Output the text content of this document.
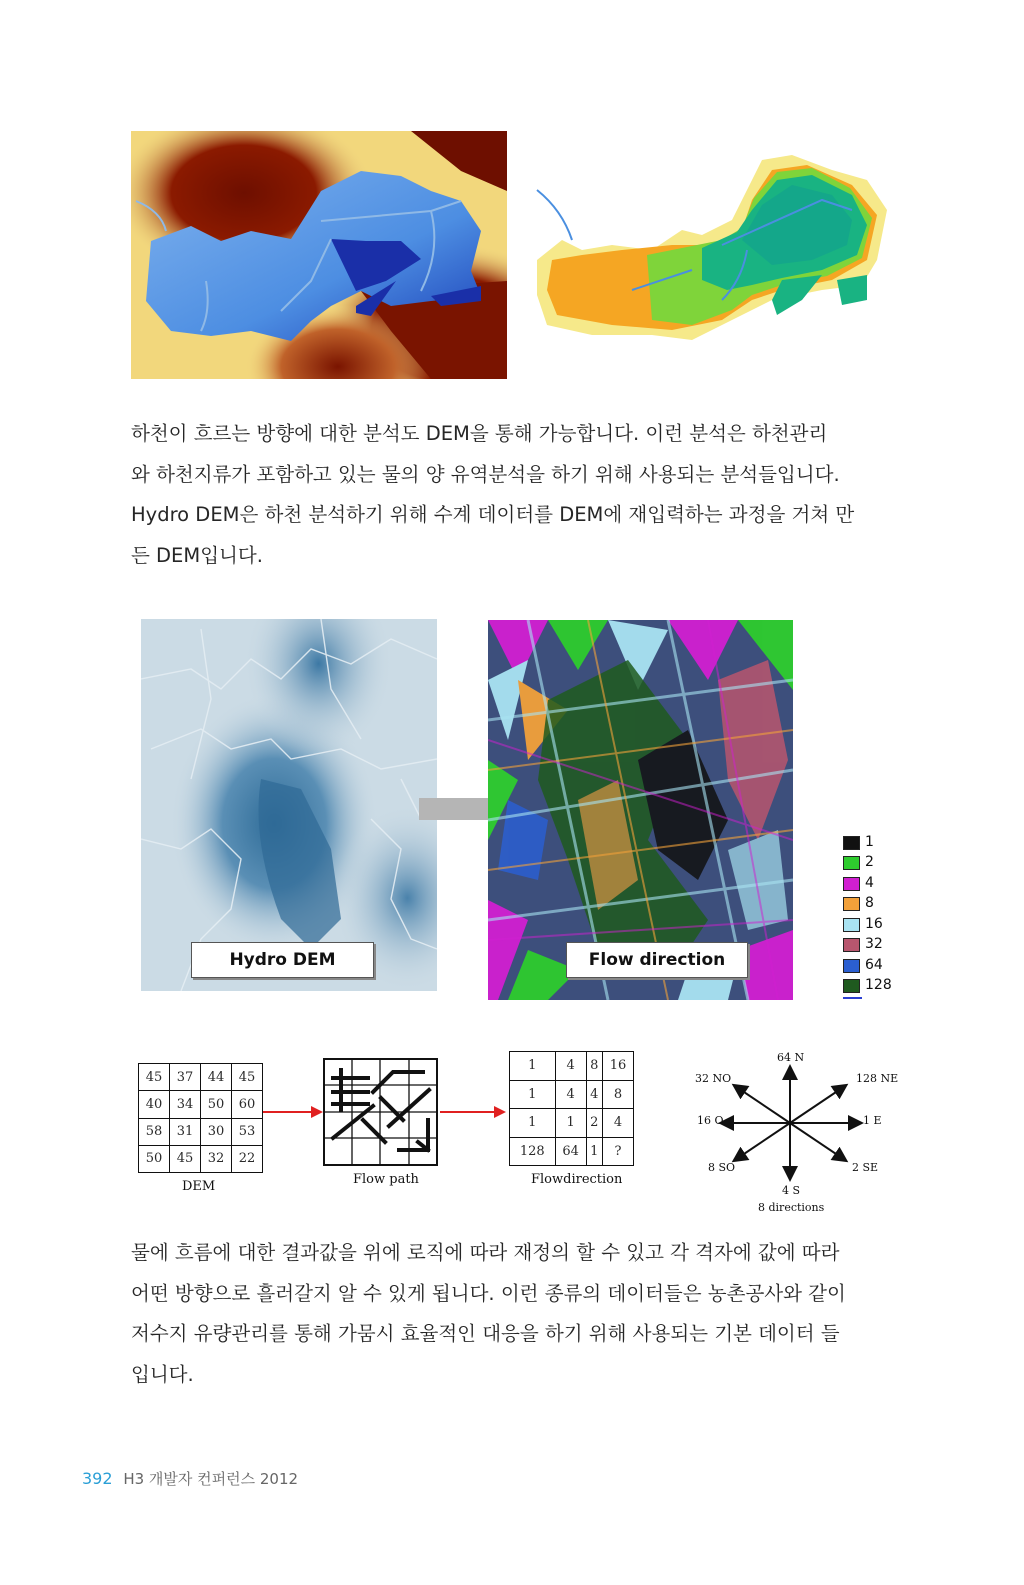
하천이 흐르는 방향에 대한 분석도 DEM을 통해 가능합니다. 이런 분석은 하천관리

와 하천지류가 포함하고 있는 물의 양 유역분석을 하기 위해 사용되는 분석들입니다.

Hydro DEM은 하천 분석하기 위해 수계 데이터를 DEM에 재입력하는 과정을 거쳐 만

든 DEM입니다.

Hydro DEM	Flow direction
1
2
4
8
16
32
64
128
45	37	44	45
40	34	50	60
58	31	30	53
50	45	32	22
DEM	Flow path
1	4	8	16
1	4	4	8
1	1	2	4
128	64	1	?
Flowdirection
64 N
128 NE
1 E
2 SE
4 S
8 SO
16 O
32 NO
8 directions

물에 흐름에 대한 결과값을 위에 로직에 따라 재정의 할 수 있고 각 격자에 값에 따라

어떤 방향으로 흘러갈지 알 수 있게 됩니다. 이런 종류의 데이터들은 농촌공사와 같이

저수지 유량관리를 통해 가뭄시 효율적인 대응을 하기 위해 사용되는 기본 데이터 들

입니다.

392 H3 개발자 컨퍼런스 2012
